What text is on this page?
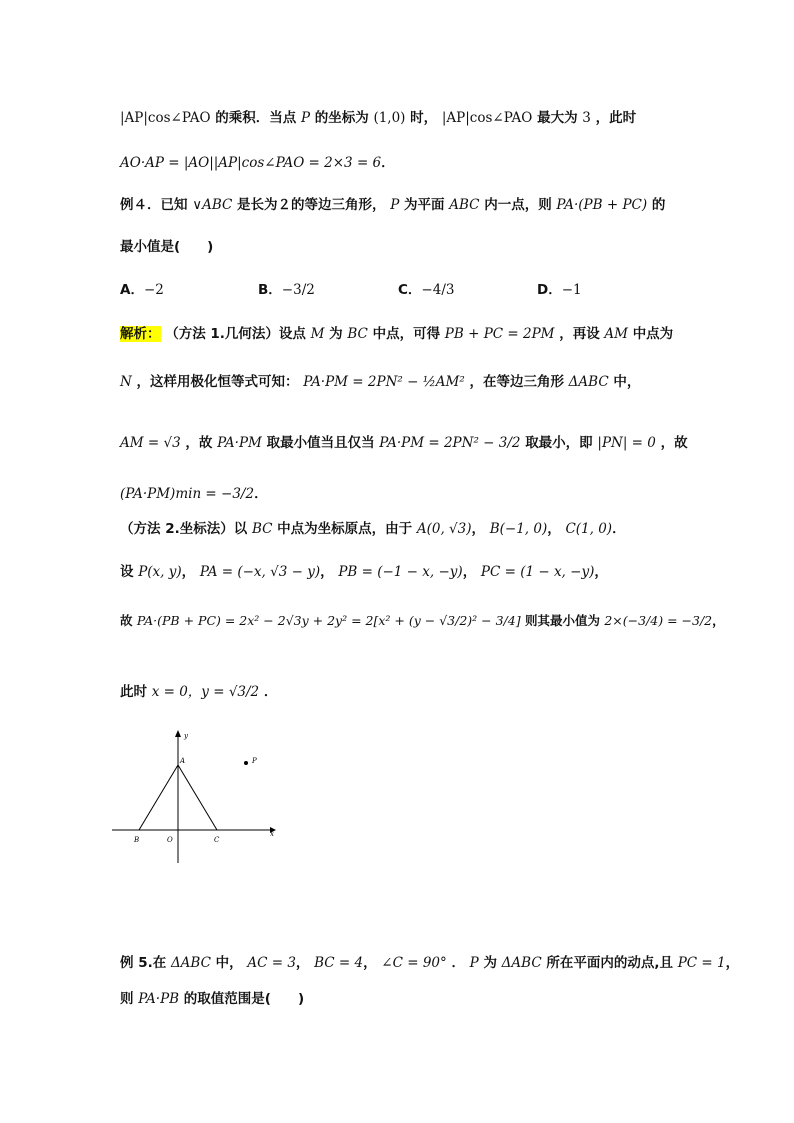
|AP|cos∠PAO 的乘积．当点 P 的坐标为 (1,0) 时， |AP|cos∠PAO 最大为 3 ，此时
AO·AP = |AO||AP|cos∠PAO = 2×3 = 6．
例４．已知 ∨ABC 是长为２的等边三角形， P 为平面 ABC 内一点，则 PA·(PB + PC) 的
最小值是(　　)
A．−2	B．−3/2	C．−4/3	D．−1
解析： （方法 1.几何法）设点 M 为 BC 中点，可得 PB + PC = 2PM ，再设 AM 中点为
N ，这样用极化恒等式可知： PA·PM = 2PN² − ½AM² ，在等边三角形 ΔABC 中，
AM = √3 ，故 PA·PM 取最小值当且仅当 PA·PM = 2PN² − 3/2 取最小，即 |PN| = 0 ，故
(PA·PM)min = −3/2．
（方法 2.坐标法）以 BC 中点为坐标原点，由于 A(0, √3)， B(−1, 0)， C(1, 0)．
设 P(x, y)， PA = (−x, √3 − y)， PB = (−1 − x, −y)， PC = (1 − x, −y)，
故 PA·(PB + PC) = 2x² − 2√3y + 2y² = 2[x² + (y − √3/2)² − 3/4] 则其最小值为 2×(−3/4) = −3/2，
此时 x = 0，y = √3/2 ．
y
x
A
B	O	C
P
例 5.在 ΔABC 中， AC = 3， BC = 4， ∠C = 90° ． P 为 ΔABC 所在平面内的动点,且 PC = 1，
则 PA·PB 的取值范围是(　　)
